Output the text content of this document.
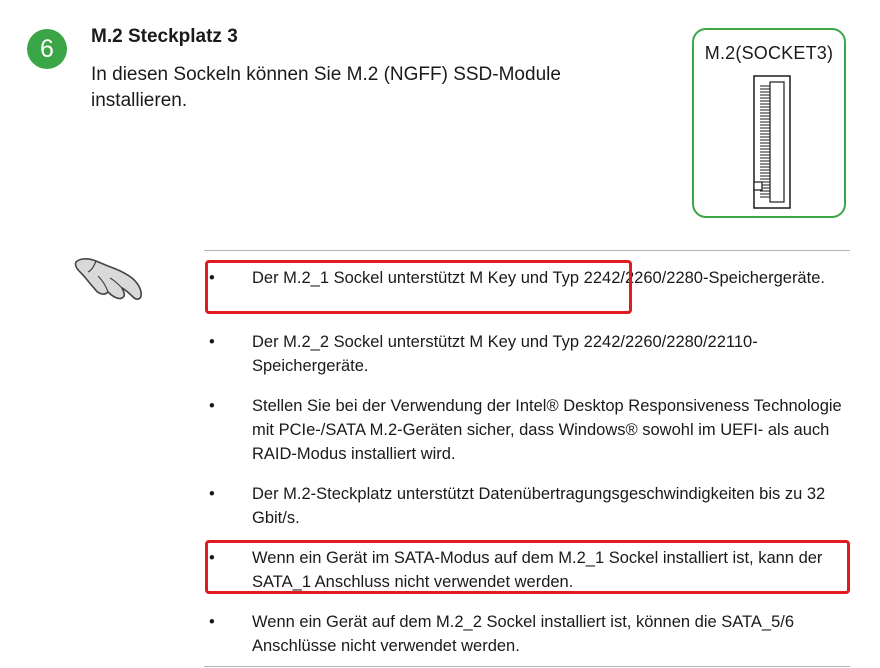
6	M.2 Steckplatz 3
In diesen Sockeln können Sie M.2 (NGFF) SSD-Module installieren.
M.2(SOCKET3)
• Der M.2_1 Sockel unterstützt M Key und Typ 2242/2260/2280-Speichergeräte.
• Der M.2_2 Sockel unterstützt M Key und Typ 2242/2260/2280/22110-Speichergeräte.
• Stellen Sie bei der Verwendung der Intel® Desktop Responsiveness Technologie mit PCIe-/SATA M.2-Geräten sicher, dass Windows® sowohl im UEFI- als auch RAID-Modus installiert wird.
• Der M.2-Steckplatz unterstützt Datenübertragungsgeschwindigkeiten bis zu 32 Gbit/s.
• Wenn ein Gerät im SATA-Modus auf dem M.2_1 Sockel installiert ist, kann der SATA_1 Anschluss nicht verwendet werden.
• Wenn ein Gerät auf dem M.2_2 Sockel installiert ist, können die SATA_5/6 Anschlüsse nicht verwendet werden.
